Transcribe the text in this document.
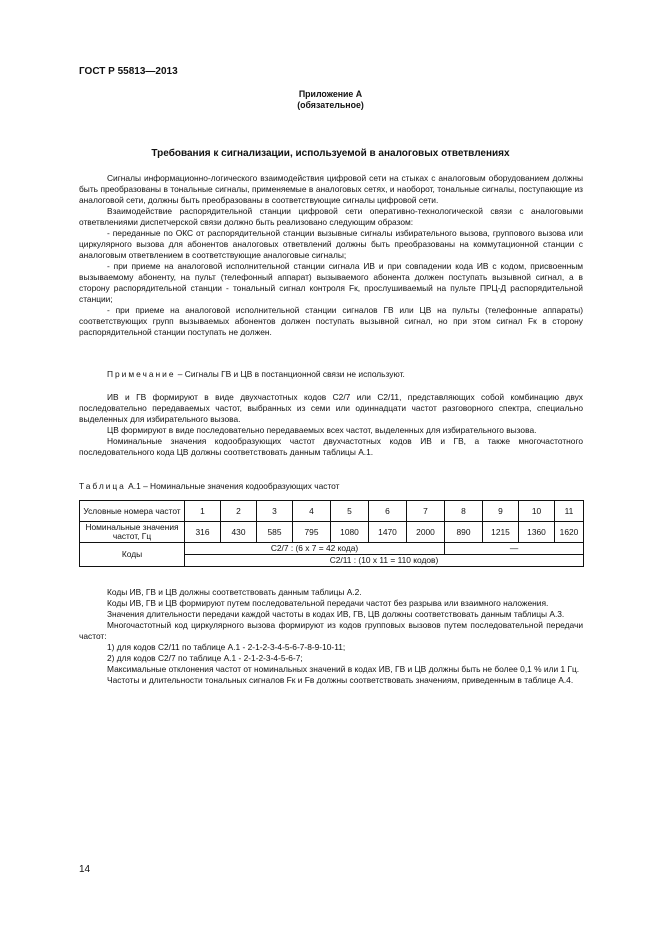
ГОСТ Р 55813—2013
Приложение А
(обязательное)
Требования к сигнализации, используемой в аналоговых ответвлениях

Сигналы информационно-логического взаимодействия цифровой сети на стыках с аналоговым оборудованием должны быть преобразованы в тональные сигналы, применяемые в аналоговых сетях, и наоборот, тональные сигналы, поступающие из аналоговой сети, должны быть преобразованы в соответствующие сигналы цифровой сети.

Взаимодействие распорядительной станции цифровой сети оперативно-технологической связи с аналоговыми ответвлениями диспетчерской связи должно быть реализовано следующим образом:

- переданные по ОКС от распорядительной станции вызывные сигналы избирательного вызова, группового вызова или циркулярного вызова для абонентов аналоговых ответвлений должны быть преобразованы на коммутационной станции с аналоговым ответвлением в соответствующие аналоговые сигналы;

- при приеме на аналоговой исполнительной станции сигнала ИВ и при совпадении кода ИВ с кодом, присвоенным вызываемому абоненту, на пульт (телефонный аппарат) вызываемого абонента должен поступать вызывной сигнал, а в сторону распорядительной станции - тональный сигнал контроля Fк, прослушиваемый на пульте ПРЦ-Д распорядительной станции;

- при приеме на аналоговой исполнительной станции сигналов ГВ или ЦВ на пульты (телефонные аппараты) соответствующих групп вызываемых абонентов должен поступать вызывной сигнал, но при этом сигнал Fк в сторону распорядительной станции поступать не должен.

Примечание – Сигналы ГВ и ЦВ в постанционной связи не используют.

ИВ и ГВ формируют в виде двухчастотных кодов С2/7 или С2/11, представляющих собой комбинацию двух последовательно передаваемых частот, выбранных из семи или одиннадцати частот разговорного спектра, специально выделенных для избирательного вызова.

ЦВ формируют в виде последовательно передаваемых всех частот, выделенных для избирательного вызова.

Номинальные значения кодообразующих частот двухчастотных кодов ИВ и ГВ, а также многочастотного последовательного кода ЦВ должны соответствовать данным таблицы А.1.

Таблица А.1 – Номинальные значения кодообразующих частот
Условные номера частот	1	2	3	4	5	6	7	8	9	10	11
Номинальные значения частот, Гц	316	430	585	795	1080	1470	2000	890	1215	1360	1620
Коды	С2/7 : (6 х 7 = 42 кода)							—			
	С2/11 : (10 х 11 = 110 кодов)										

Коды ИВ, ГВ и ЦВ должны соответствовать данным таблицы А.2.

Коды ИВ, ГВ и ЦВ формируют путем последовательной передачи частот без разрыва или взаимного наложения.

Значения длительности передачи каждой частоты в кодах ИВ, ГВ, ЦВ должны соответствовать данным таблицы А.3.

Многочастотный код циркулярного вызова формируют из кодов групповых вызовов путем последовательной передачи частот:

1) для кодов С2/11 по таблице А.1 - 2-1-2-3-4-5-6-7-8-9-10-11;

2) для кодов С2/7 по таблице А.1 - 2-1-2-3-4-5-6-7;

Максимальные отклонения частот от номинальных значений в кодах ИВ, ГВ и ЦВ должны быть не более 0,1 % или 1 Гц.

Частоты и длительности тональных сигналов Fк и Fв должны соответствовать значениям, приведенным в таблице А.4.

14
